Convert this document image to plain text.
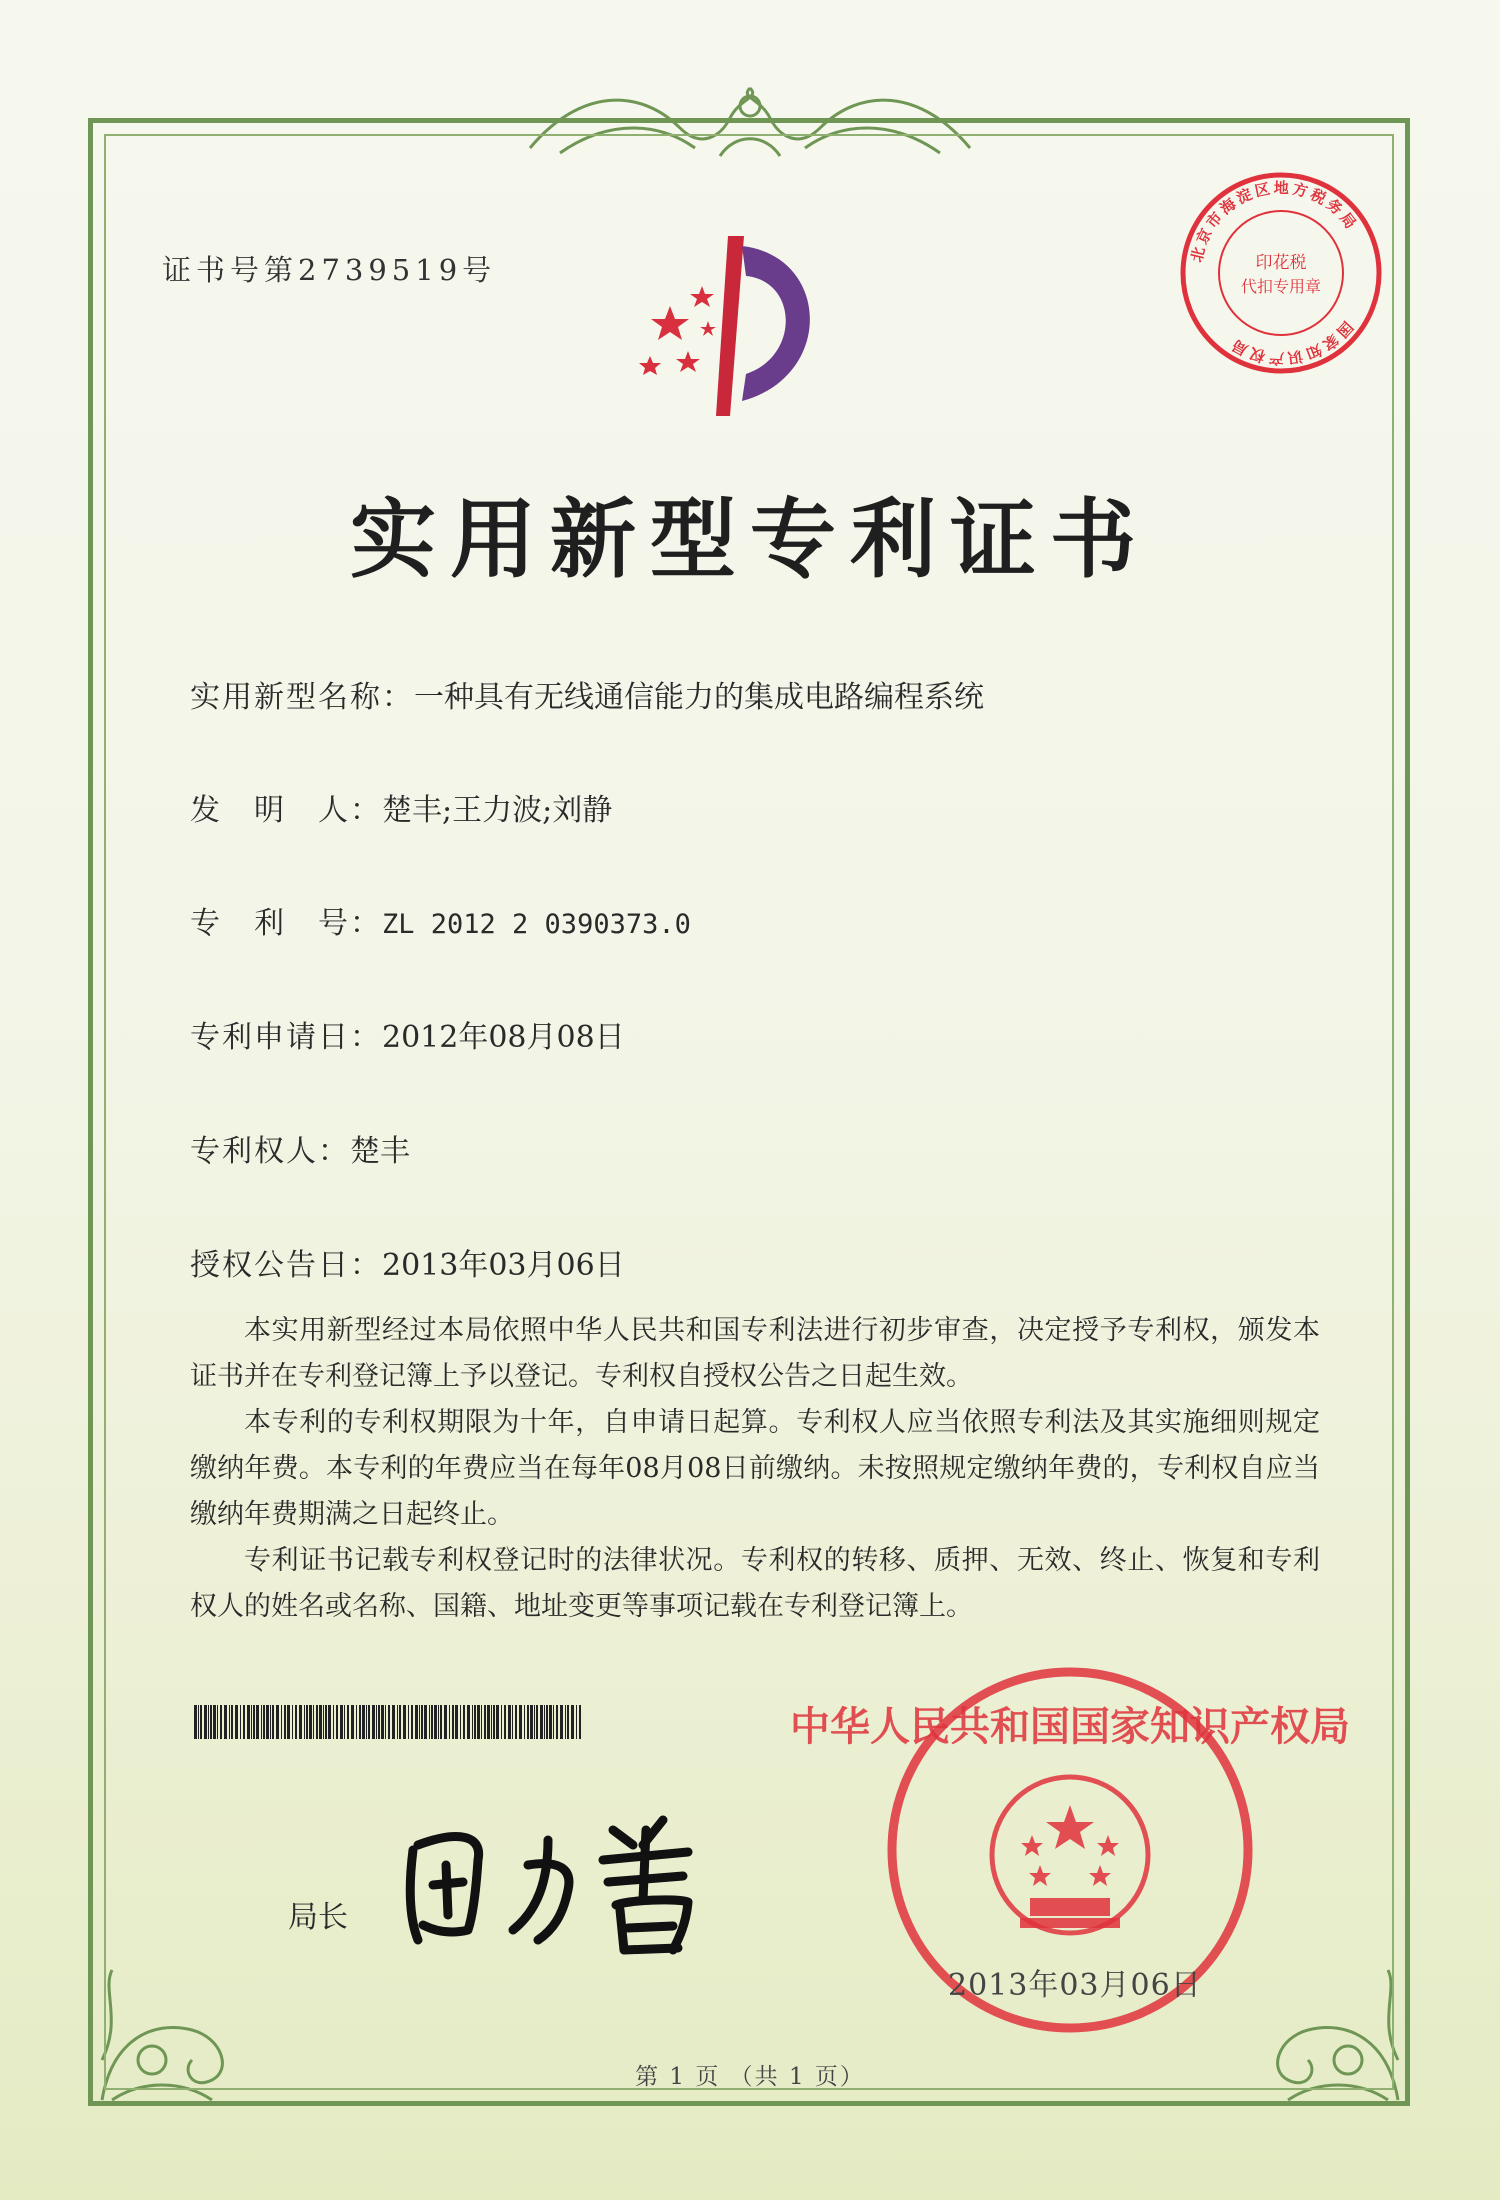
证书号第2739519号	北京市海淀区地方税务局
印花税
代扣专用章
国家知识产权局
实用新型专利证书
实用新型名称：一种具有无线通信能力的集成电路编程系统
发　明　人：楚丰;王力波;刘静
专　利　号：ZL 2012 2 0390373.0
专利申请日：2012年08月08日
专利权人：楚丰
授权公告日：2013年03月06日

本实用新型经过本局依照中华人民共和国专利法进行初步审查，决定授予专利权，颁发本证书并在专利登记簿上予以登记。专利权自授权公告之日起生效。

本专利的专利权期限为十年，自申请日起算。专利权人应当依照专利法及其实施细则规定缴纳年费。本专利的年费应当在每年08月08日前缴纳。未按照规定缴纳年费的，专利权自应当缴纳年费期满之日起终止。

专利证书记载专利权登记时的法律状况。专利权的转移、质押、无效、终止、恢复和专利权人的姓名或名称、国籍、地址变更等事项记载在专利登记簿上。

局长
中华人民共和国国家知识产权局
2013年03月06日
第 1 页 （共 1 页）
